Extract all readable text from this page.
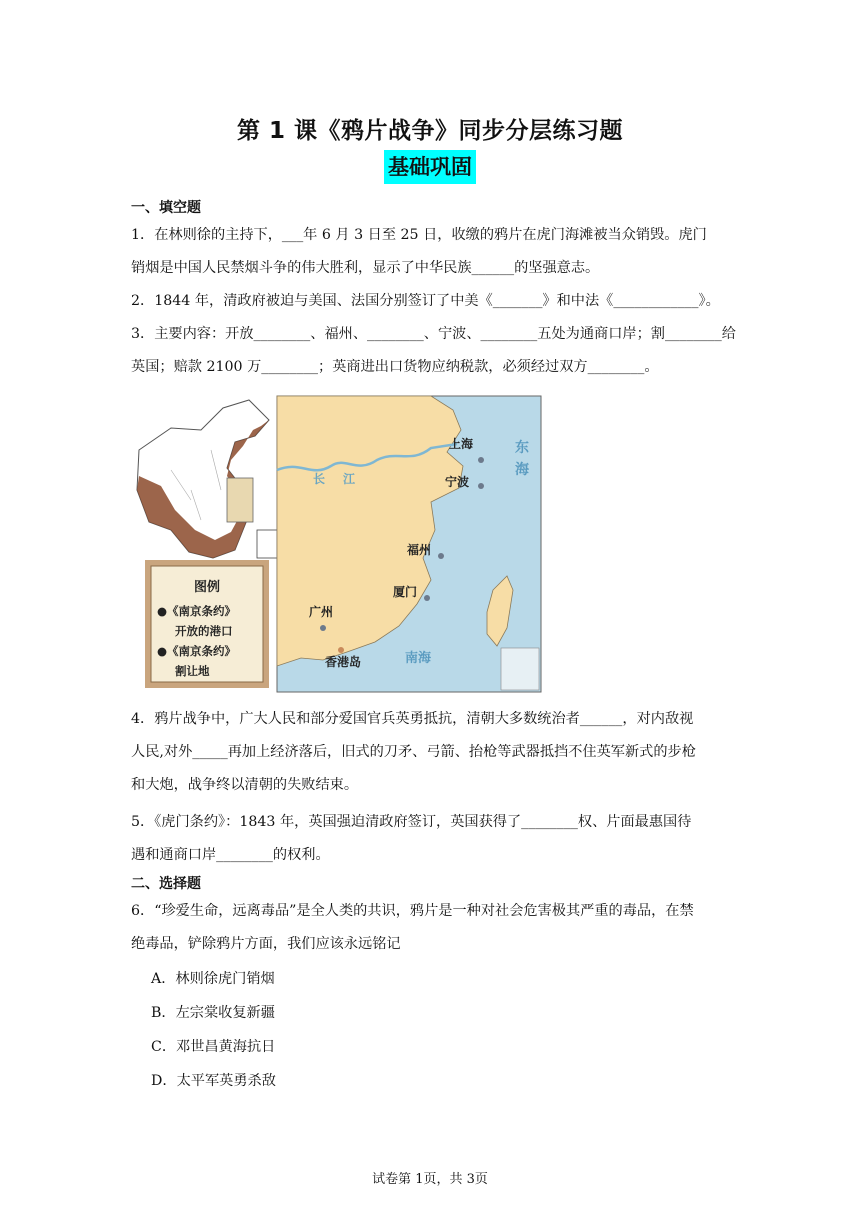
第 1 课《鸦片战争》同步分层练习题
基础巩固
一、填空题
1．在林则徐的主持下，___年 6 月 3 日至 25 日，收缴的鸦片在虎门海滩被当众销毁。虎门
销烟是中国人民禁烟斗争的伟大胜利，显示了中华民族______的坚强意志。
2．1844 年，清政府被迫与美国、法国分别签订了中美《_______》和中法《____________》。
3．主要内容：开放________、福州、________、宁波、________五处为通商口岸；割________给
英国；赔款 2100 万________；英商进出口货物应纳税款，必须经过双方________。
图例
●《南京条约》
开放的港口
●《南京条约》
割让地
长 江
东
海
南海
上海
宁波
福州
厦门
广州
香港岛
4．鸦片战争中，广大人民和部分爱国官兵英勇抵抗，清朝大多数统治者______，对内敌视
人民,对外_____再加上经济落后，旧式的刀矛、弓箭、抬枪等武器抵挡不住英军新式的步枪
和大炮，战争终以清朝的失败结束。
5．《虎门条约》：1843 年，英国强迫清政府签订，英国获得了________权、片面最惠国待
遇和通商口岸________的权利。
二、选择题
6．“珍爱生命，远离毒品”是全人类的共识，鸦片是一种对社会危害极其严重的毒品，在禁
绝毒品，铲除鸦片方面，我们应该永远铭记
A．林则徐虎门销烟
B．左宗棠收复新疆
C．邓世昌黄海抗日
D．太平军英勇杀敌
试卷第 1页，共 3页
